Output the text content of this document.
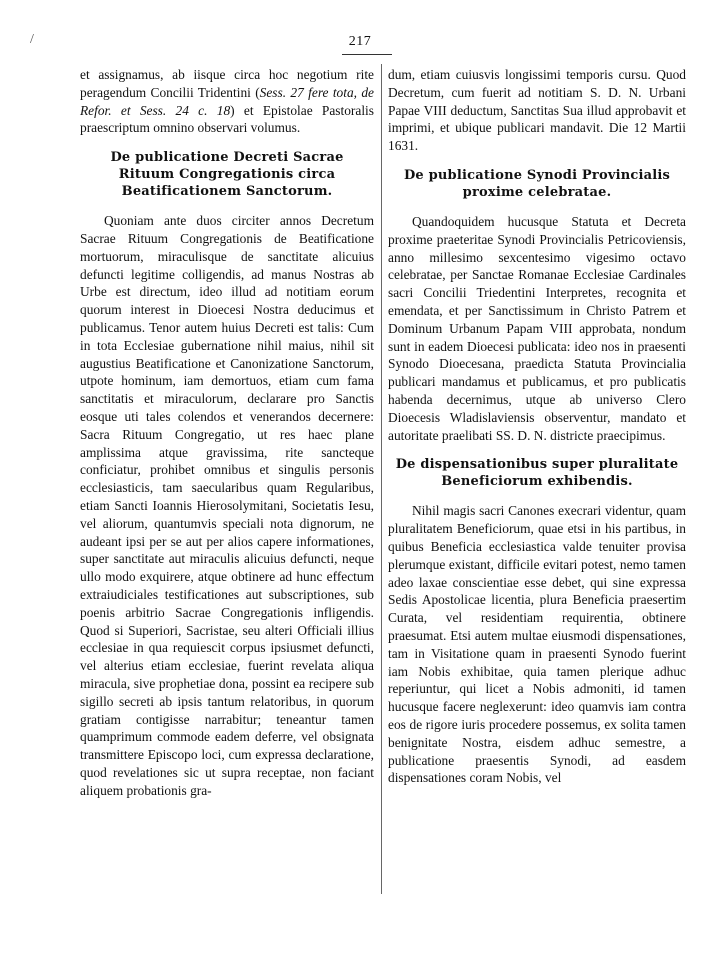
/	217

et assignamus, ab iisque circa hoc negotium rite peragendum Concilii Tridentini (Sess. 27 fere tota, de Refor. et Sess. 24 c. 18) et Epistolae Pastoralis praescriptum omnino observari volumus.

De publicatione Decreti Sacrae Rituum Congregationis circa Beatificationem Sanctorum.

Quoniam ante duos circiter annos Decretum Sacrae Rituum Congregationis de Beatificatione mortuorum, miraculisque de sanctitate alicuius defuncti legitime colligendis, ad manus Nostras ab Urbe est directum, ideo illud ad notitiam eorum quorum interest in Dioecesi Nostra deducimus et publicamus. Tenor autem huius Decreti est talis: Cum in tota Ecclesiae gubernatione nihil maius, nihil sit augustius Beatificatione et Canonizatione Sanctorum, utpote hominum, iam demortuos, etiam cum fama sanctitatis et miraculorum, declarare pro Sanctis eosque uti tales colendos et venerandos decernere: Sacra Rituum Congregatio, ut res haec plane amplissima atque gravissima, rite sancteque conficiatur, prohibet omnibus et singulis personis ecclesiasticis, tam saecularibus quam Regularibus, etiam Sancti Ioannis Hierosolymitani, Societatis Iesu, vel aliorum, quantumvis speciali nota dignorum, ne audeant ipsi per se aut per alios capere informationes, super sanctitate aut miraculis alicuius defuncti, neque ullo modo exquirere, atque obtinere ad hunc effectum extraiudiciales testificationes aut subscriptiones, sub poenis arbitrio Sacrae Congregationis infligendis. Quod si Superiori, Sacristae, seu alteri Officiali illius ecclesiae in qua requiescit corpus ipsiusmet defuncti, vel alterius etiam ecclesiae, fuerint revelata aliqua miracula, sive prophetiae dona, possint ea recipere sub sigillo secreti ab ipsis tantum relatoribus, in quorum gratiam contigisse narrabitur; teneantur tamen quamprimum commode eadem deferre, vel obsignata transmittere Episcopo loci, cum expressa declaratione, quod revelationes sic ut supra receptae, non faciant aliquem probationis gra-

dum, etiam cuiusvis longissimi temporis cursu. Quod Decretum, cum fuerit ad notitiam S. D. N. Urbani Papae VIII deductum, Sanctitas Sua illud approbavit et imprimi, et ubique publicari mandavit. Die 12 Martii 1631.

De publicatione Synodi Provincialis proxime celebratae.

Quandoquidem hucusque Statuta et Decreta proxime praeteritae Synodi Provincialis Petricoviensis, anno millesimo sexcentesimo vigesimo octavo celebratae, per Sanctae Romanae Ecclesiae Cardinales sacri Concilii Triedentini Interpretes, recognita et emendata, et per Sanctissimum in Christo Patrem et Dominum Urbanum Papam VIII approbata, nondum sunt in eadem Dioecesi publicata: ideo nos in praesenti Synodo Dioecesana, praedicta Statuta Provincialia publicari mandamus et publicamus, et pro publicatis habenda decernimus, utque ab universo Clero Dioecesis Wladislaviensis observentur, mandato et autoritate praelibati SS. D. N. districte praecipimus.

De dispensationibus super pluralitate Beneficiorum exhibendis.

Nihil magis sacri Canones execrari videntur, quam pluralitatem Beneficiorum, quae etsi in his partibus, in quibus Beneficia ecclesiastica valde tenuiter provisa plerumque existant, difficile evitari potest, nemo tamen adeo laxae conscientiae esse debet, qui sine expressa Sedis Apostolicae licentia, plura Beneficia praesertim Curata, vel residentiam requirentia, obtinere praesumat. Etsi autem multae eiusmodi dispensationes, tam in Visitatione quam in praesenti Synodo fuerint iam Nobis exhibitae, quia tamen plerique adhuc reperiuntur, qui licet a Nobis admoniti, id tamen hucusque facere neglexerunt: ideo quamvis iam contra eos de rigore iuris procedere possemus, ex solita tamen benignitate Nostra, eisdem adhuc semestre, a publicatione praesentis Synodi, ad easdem dispensationes coram Nobis, vel
